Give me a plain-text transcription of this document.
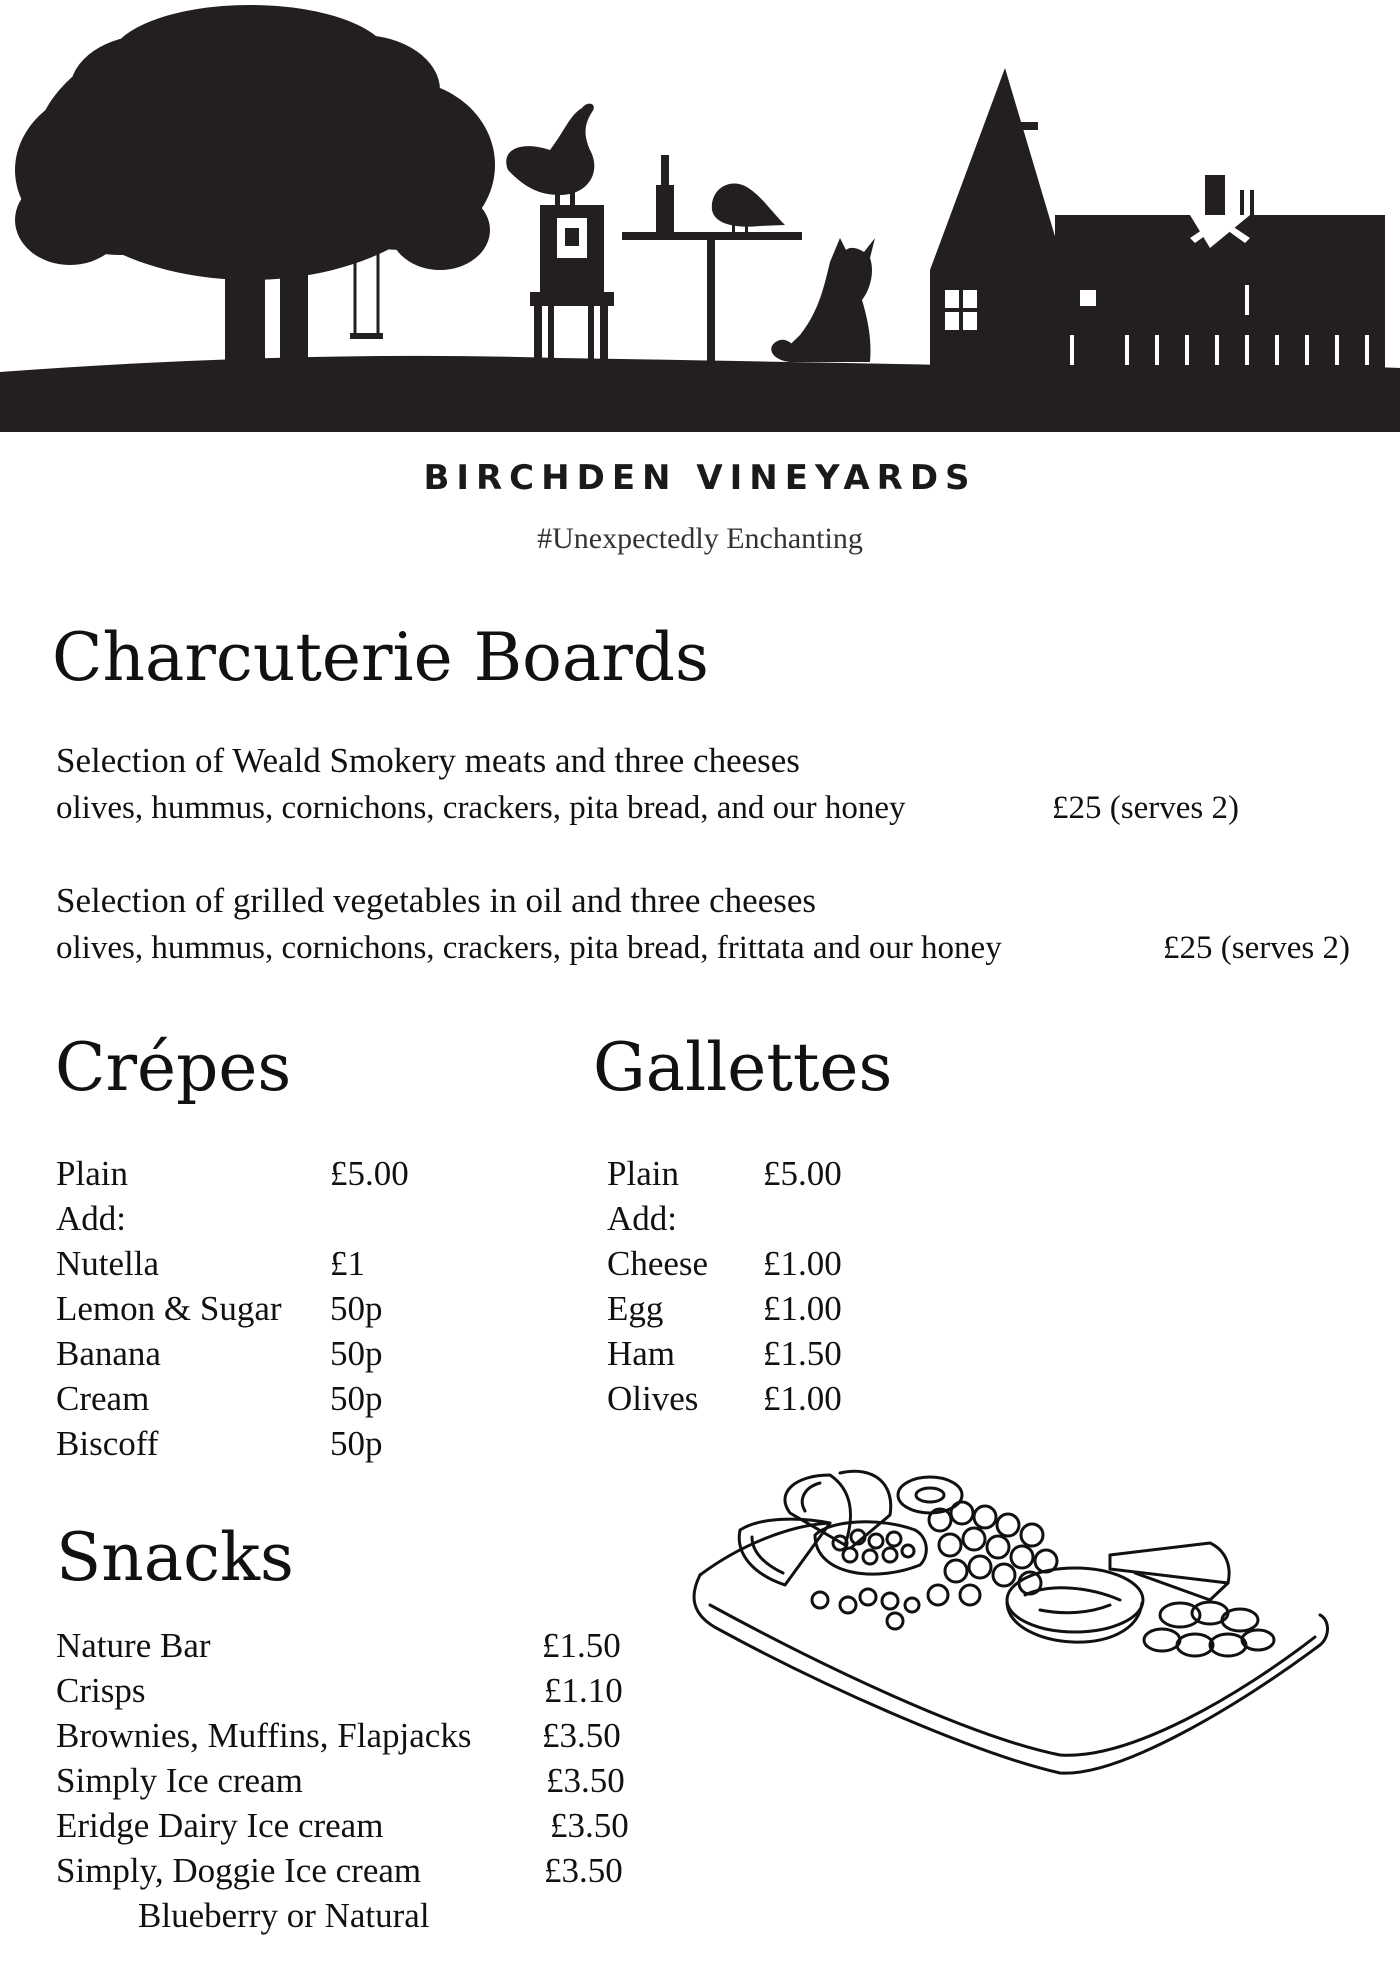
BIRCHDEN VINEYARDS
#Unexpectedly Enchanting
Charcuterie Boards
Selection of Weald Smokery meats and three cheeses
olives, hummus, cornichons, crackers, pita bread, and our honey	£25 (serves 2)
Selection of grilled vegetables in oil and three cheeses
olives, hummus, cornichons, crackers, pita bread, frittata and our honey	£25 (serves 2)
Crépes
Plain	£5.00
Add:
Nutella	£1
Lemon & Sugar 50p
Banana	50p
Cream	50p
Biscoff	50p
Gallettes
Plain £5.00
Add:
Cheese £1.00
Egg	£1.00
Ham	£1.50
Olives £1.00
Snacks
Nature Bar	£1.50
Crisps	£1.10
Brownies, Muffins, Flapjacks £3.50
Simply Ice cream	£3.50
Eridge Dairy Ice cream	£3.50
Simply, Doggie Ice cream	£3.50
Blueberry or Natural
